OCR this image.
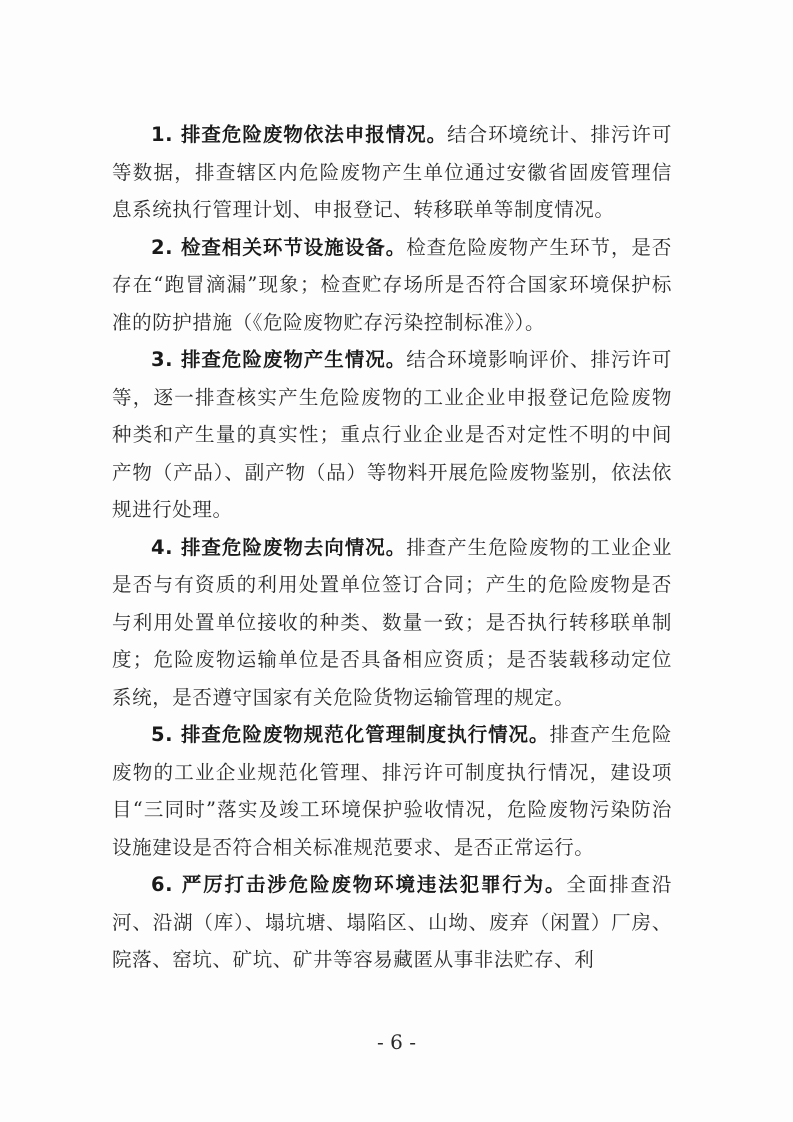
1. 排查危险废物依法申报情况。结合环境统计、排污许可等数据，排查辖区内危险废物产生单位通过安徽省固废管理信息系统执行管理计划、申报登记、转移联单等制度情况。

2. 检查相关环节设施设备。检查危险废物产生环节，是否存在“跑冒滴漏”现象；检查贮存场所是否符合国家环境保护标准的防护措施（《危险废物贮存污染控制标准》）。

3. 排查危险废物产生情况。结合环境影响评价、排污许可等，逐一排查核实产生危险废物的工业企业申报登记危险废物种类和产生量的真实性；重点行业企业是否对定性不明的中间产物（产品）、副产物（品）等物料开展危险废物鉴别，依法依规进行处理。

4. 排查危险废物去向情况。排查产生危险废物的工业企业是否与有资质的利用处置单位签订合同；产生的危险废物是否与利用处置单位接收的种类、数量一致；是否执行转移联单制度；危险废物运输单位是否具备相应资质；是否装载移动定位系统，是否遵守国家有关危险货物运输管理的规定。

5. 排查危险废物规范化管理制度执行情况。排查产生危险废物的工业企业规范化管理、排污许可制度执行情况，建设项目“三同时”落实及竣工环境保护验收情况，危险废物污染防治设施建设是否符合相关标准规范要求、是否正常运行。

6. 严厉打击涉危险废物环境违法犯罪行为。全面排查沿河、沿湖（库）、塌坑塘、塌陷区、山坳、废弃（闲置）厂房、院落、窑坑、矿坑、矿井等容易藏匿从事非法贮存、利

- 6 -
